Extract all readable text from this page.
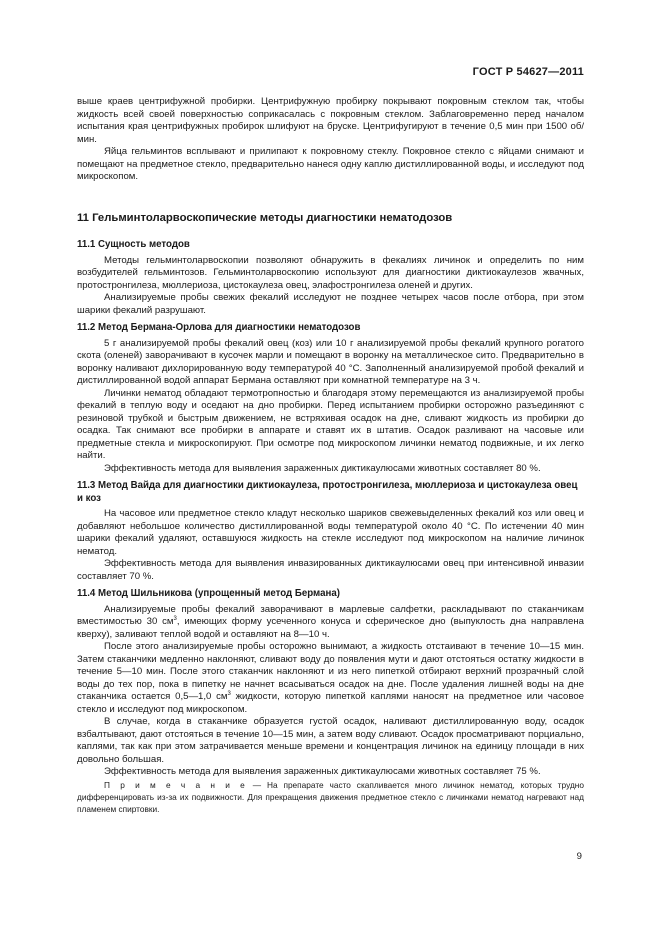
ГОСТ Р 54627—2011

выше краев центрифужной пробирки. Центрифужную пробирку покрывают покровным стеклом так, чтобы жидкость всей своей поверхностью соприкасалась с покровным стеклом. Заблаговременно перед началом испытания края центрифужных пробирок шлифуют на бруске. Центрифугируют в течение 0,5 мин при 1500 об/мин.

Яйца гельминтов всплывают и прилипают к покровному стеклу. Покровное стекло с яйцами снимают и помещают на предметное стекло, предварительно нанеся одну каплю дистиллированной воды, и исследуют под микроскопом.

11 Гельминтоларвоскопические методы диагностики нематодозов
11.1 Сущность методов

Методы гельминтоларвоскопии позволяют обнаружить в фекалиях личинок и определить по ним возбудителей гельминтозов. Гельминтоларвоскопию используют для диагностики диктиокаулезов жвачных, протостронгилеза, мюллериоза, цистокаулеза овец, элафостронгилеза оленей и других.

Анализируемые пробы свежих фекалий исследуют не позднее четырех часов после отбора, при этом шарики фекалий разрушают.

11.2 Метод Бермана-Орлова для диагностики нематодозов

5 г анализируемой пробы фекалий овец (коз) или 10 г анализируемой пробы фекалий крупного рогатого скота (оленей) заворачивают в кусочек марли и помещают в воронку на металлическое сито. Предварительно в воронку наливают дихлорированную воду температурой 40 °С. Заполненный анализируемой пробой фекалий и дистиллированной водой аппарат Бермана оставляют при комнатной температуре на 3 ч.

Личинки нематод обладают термотропностью и благодаря этому перемещаются из анализируемой пробы фекалий в теплую воду и оседают на дно пробирки. Перед испытанием пробирки осторожно разъединяют с резиновой трубкой и быстрым движением, не встряхивая осадок на дне, сливают жидкость из пробирки до осадка. Так снимают все пробирки в аппарате и ставят их в штатив. Осадок разливают на часовые или предметные стекла и микроскопируют. При осмотре под микроскопом личинки нематод подвижные, и их легко найти.

Эффективность метода для выявления зараженных диктикаулюсами животных составляет 80 %.

11.3 Метод Вайда для диагностики диктиокаулеза, протостронгилеза, мюллериоза и цистокаулеза овец и коз

На часовое или предметное стекло кладут несколько шариков свежевыделенных фекалий коз или овец и добавляют небольшое количество дистиллированной воды температурой около 40 °С. По истечении 40 мин шарики фекалий удаляют, оставшуюся жидкость на стекле исследуют под микроскопом на наличие личинок нематод.

Эффективность метода для выявления инвазированных диктикаулюсами овец при интенсивной инвазии составляет 70 %.

11.4 Метод Шильникова (упрощенный метод Бермана)

Анализируемые пробы фекалий заворачивают в марлевые салфетки, раскладывают по стаканчикам вместимостью 30 $см^3$, имеющих форму усеченного конуса и сферическое дно (выпуклость дна направлена кверху), заливают теплой водой и оставляют на 8—10 ч.

После этого анализируемые пробы осторожно вынимают, а жидкость отстаивают в течение 10—15 мин. Затем стаканчики медленно наклоняют, сливают воду до появления мути и дают отстояться остатку жидкости в течение 5—10 мин. После этого стаканчик наклоняют и из него пипеткой отбирают верхний прозрачный слой воды до тех пор, пока в пипетку не начнет всасываться осадок на дне. После удаления лишней воды на дне стаканчика остается 0,5—1,0 $см^3$ жидкости, которую пипеткой каплями наносят на предметное или часовое стекло и исследуют под микроскопом.

В случае, когда в стаканчике образуется густой осадок, наливают дистиллированную воду, осадок взбалтывают, дают отстояться в течение 10—15 мин, а затем воду сливают. Осадок просматривают порциально, каплями, так как при этом затрачивается меньше времени и концентрация личинок на единицу площади в них довольно большая.

Эффективность метода для выявления зараженных диктикаулюсами животных составляет 75 %.

П р и м е ч а н и е — На препарате часто скапливается много личинок нематод, которых трудно дифференцировать из-за их подвижности. Для прекращения движения предметное стекло с личинками нематод нагревают над пламенем спиртовки.

9
